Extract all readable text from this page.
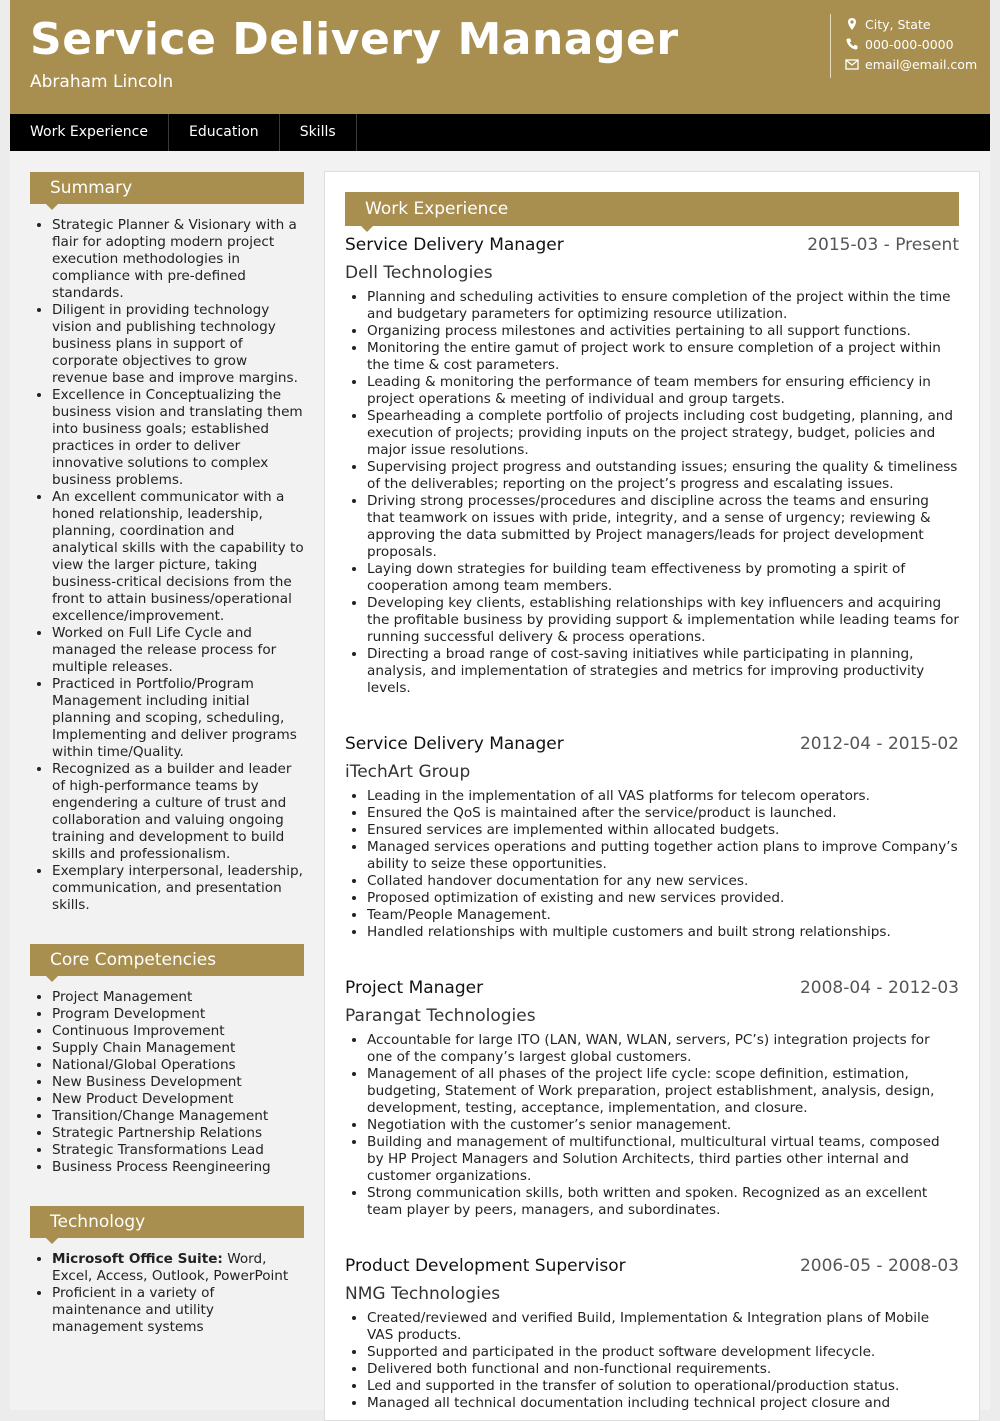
Service Delivery Manager
Abraham Lincoln
City, State
000-000-0000
email@email.com
Work Experience	Education	Skills
Summary
• Strategic Planner & Visionary with a flair for adopting modern project execution methodologies in compliance with pre-defined standards.
• Diligent in providing technology vision and publishing technology business plans in support of corporate objectives to grow revenue base and improve margins.
• Excellence in Conceptualizing the business vision and translating them into business goals; established practices in order to deliver innovative solutions to complex business problems.
• An excellent communicator with a honed relationship, leadership, planning, coordination and analytical skills with the capability to view the larger picture, taking business-critical decisions from the front to attain business/operational excellence/improvement.
• Worked on Full Life Cycle and managed the release process for multiple releases.
• Practiced in Portfolio/Program Management including initial planning and scoping, scheduling, Implementing and deliver programs within time/Quality.
• Recognized as a builder and leader of high-performance teams by engendering a culture of trust and collaboration and valuing ongoing training and development to build skills and professionalism.
• Exemplary interpersonal, leadership, communication, and presentation skills.
Core Competencies
• Project Management
• Program Development
• Continuous Improvement
• Supply Chain Management
• National/Global Operations
• New Business Development
• New Product Development
• Transition/Change Management
• Strategic Partnership Relations
• Strategic Transformations Lead
• Business Process Reengineering
Technology
• Microsoft Office Suite: Word, Excel, Access, Outlook, PowerPoint
• Proficient in a variety of maintenance and utility management systems
Work Experience
Service Delivery Manager	2015-03 - Present
Dell Technologies
• Planning and scheduling activities to ensure completion of the project within the time and budgetary parameters for optimizing resource utilization.
• Organizing process milestones and activities pertaining to all support functions.
• Monitoring the entire gamut of project work to ensure completion of a project within the time & cost parameters.
• Leading & monitoring the performance of team members for ensuring efficiency in project operations & meeting of individual and group targets.
• Spearheading a complete portfolio of projects including cost budgeting, planning, and execution of projects; providing inputs on the project strategy, budget, policies and major issue resolutions.
• Supervising project progress and outstanding issues; ensuring the quality & timeliness of the deliverables; reporting on the project’s progress and escalating issues.
• Driving strong processes/procedures and discipline across the teams and ensuring that teamwork on issues with pride, integrity, and a sense of urgency; reviewing & approving the data submitted by Project managers/leads for project development proposals.
• Laying down strategies for building team effectiveness by promoting a spirit of cooperation among team members.
• Developing key clients, establishing relationships with key influencers and acquiring the profitable business by providing support & implementation while leading teams for running successful delivery & process operations.
• Directing a broad range of cost-saving initiatives while participating in planning, analysis, and implementation of strategies and metrics for improving productivity levels.
Service Delivery Manager	2012-04 - 2015-02
iTechArt Group
• Leading in the implementation of all VAS platforms for telecom operators.
• Ensured the QoS is maintained after the service/product is launched.
• Ensured services are implemented within allocated budgets.
• Managed services operations and putting together action plans to improve Company’s ability to seize these opportunities.
• Collated handover documentation for any new services.
• Proposed optimization of existing and new services provided.
• Team/People Management.
• Handled relationships with multiple customers and built strong relationships.
Project Manager	2008-04 - 2012-03
Parangat Technologies
• Accountable for large ITO (LAN, WAN, WLAN, servers, PC’s) integration projects for one of the company’s largest global customers.
• Management of all phases of the project life cycle: scope definition, estimation, budgeting, Statement of Work preparation, project establishment, analysis, design, development, testing, acceptance, implementation, and closure.
• Negotiation with the customer’s senior management.
• Building and management of multifunctional, multicultural virtual teams, composed by HP Project Managers and Solution Architects, third parties other internal and customer organizations.
• Strong communication skills, both written and spoken. Recognized as an excellent team player by peers, managers, and subordinates.
Product Development Supervisor	2006-05 - 2008-03
NMG Technologies
• Created/reviewed and verified Build, Implementation & Integration plans of Mobile VAS products.
• Supported and participated in the product software development lifecycle.
• Delivered both functional and non-functional requirements.
• Led and supported in the transfer of solution to operational/production status.
• Managed all technical documentation including technical project closure and
